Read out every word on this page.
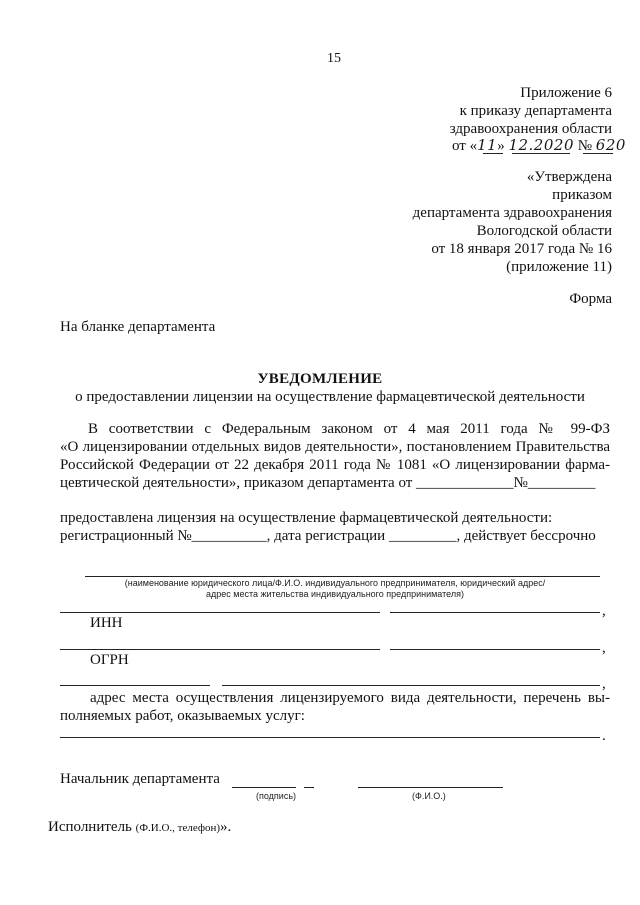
15
Приложение 6
к приказу департамента
здравоохранения области
от «11» 12.2020 № 620
«Утверждена
приказом
департамента здравоохранения
Вологодской области
от 18 января 2017 года № 16
(приложение 11)
Форма
На бланке департамента
УВЕДОМЛЕНИЕ
о предоставлении лицензии на осуществление фармацевтической деятельности
В соответствии с Федеральным законом от 4 мая 2011 года № 99-ФЗ
«О лицензировании отдельных видов деятельности», постановлением Правительства
Российской Федерации от 22 декабря 2011 года № 1081 «О лицензировании фарма-
цевтической деятельности», приказом департамента от _____________№_________
предоставлена лицензия на осуществление фармацевтической деятельности:
регистрационный №__________, дата регистрации _________, действует бессрочно
(наименование юридического лица/Ф.И.О. индивидуального предпринимателя, юридический адрес/
адрес места жительства индивидуального предпринимателя)
,
ИНН
,
ОГРН
,
адрес места осуществления лицензируемого вида деятельности, перечень вы-
полняемых работ, оказываемых услуг:
.
Начальник департамента
(подпись)	(Ф.И.О.)
Исполнитель (Ф.И.О., телефон)».
